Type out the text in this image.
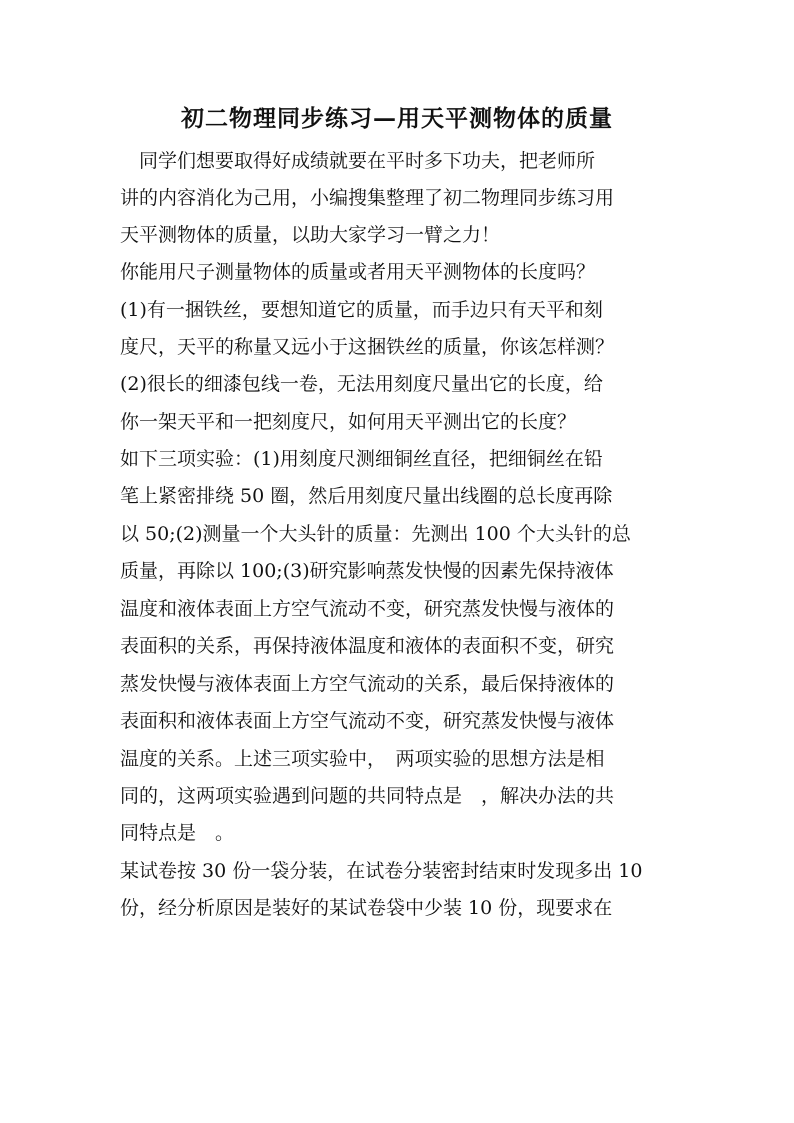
初二物理同步练习—用天平测物体的质量
　同学们想要取得好成绩就要在平时多下功夫，把老师所
讲的内容消化为己用，小编搜集整理了初二物理同步练习用
天平测物体的质量，以助大家学习一臂之力！
你能用尺子测量物体的质量或者用天平测物体的长度吗？
(1)有一捆铁丝，要想知道它的质量，而手边只有天平和刻
度尺，天平的称量又远小于这捆铁丝的质量，你该怎样测？
(2)很长的细漆包线一卷，无法用刻度尺量出它的长度，给
你一架天平和一把刻度尺，如何用天平测出它的长度？
如下三项实验：(1)用刻度尺测细铜丝直径，把细铜丝在铅
笔上紧密排绕 50 圈，然后用刻度尺量出线圈的总长度再除
以 50;(2)测量一个大头针的质量：先测出 100 个大头针的总
质量，再除以 100;(3)研究影响蒸发快慢的因素先保持液体
温度和液体表面上方空气流动不变，研究蒸发快慢与液体的
表面积的关系，再保持液体温度和液体的表面积不变，研究
蒸发快慢与液体表面上方空气流动的关系，最后保持液体的
表面积和液体表面上方空气流动不变，研究蒸发快慢与液体
温度的关系。上述三项实验中，　两项实验的思想方法是相
同的，这两项实验遇到问题的共同特点是　，解决办法的共
同特点是　。
某试卷按 30 份一袋分装，在试卷分装密封结束时发现多出 10
份，经分析原因是装好的某试卷袋中少装 10 份，现要求在
